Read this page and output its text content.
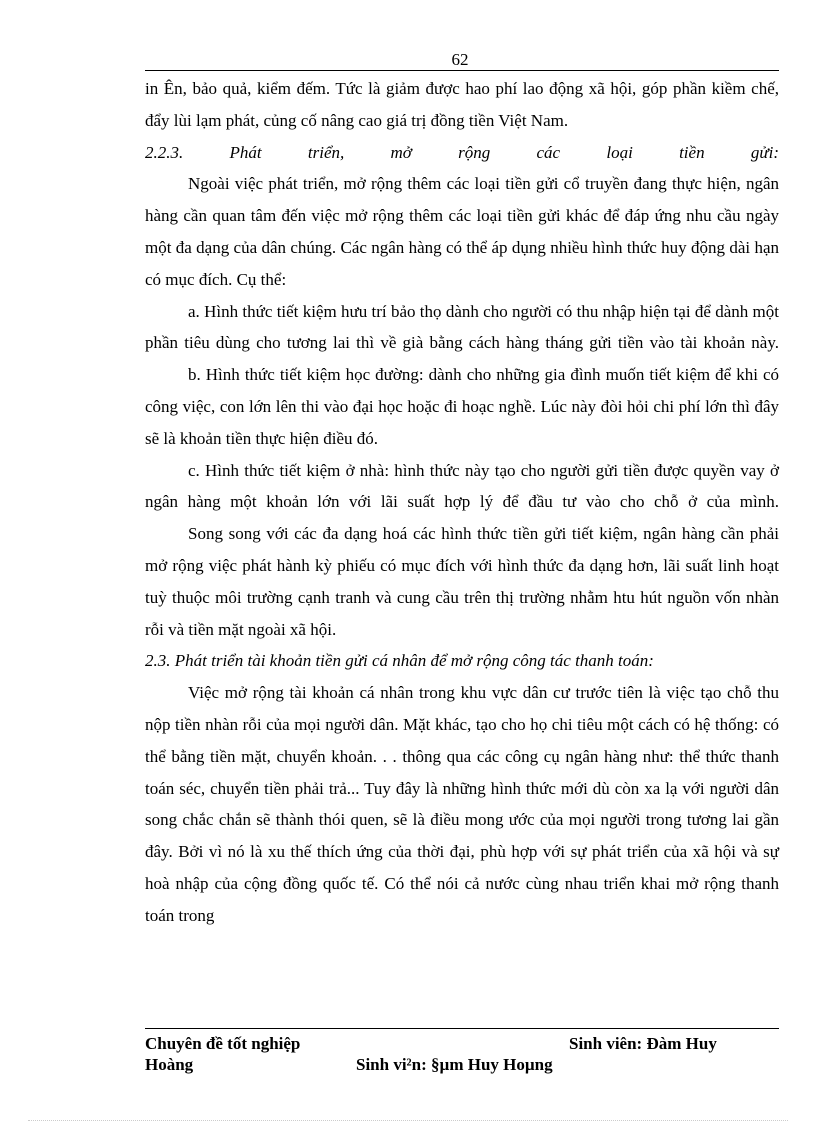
62

in Ên, bảo quả, kiểm đếm. Tức là giảm được hao phí lao động xã hội, góp phần kiềm chế, đẩy lùi lạm phát, củng cố nâng cao giá trị đồng tiền Việt Nam.

2.2.3. Phát triển, mở rộng các loại tiền gửi:

Ngoài việc phát triển, mở rộng thêm các loại tiền gửi cổ truyền đang thực hiện, ngân hàng cần quan tâm đến việc mở rộng thêm các loại tiền gửi khác để đáp ứng nhu cầu ngày một đa dạng của dân chúng. Các ngân hàng có thể áp dụng nhiều hình thức huy động dài hạn có mục đích. Cụ thể:

a. Hình thức tiết kiệm hưu trí bảo thọ dành cho người có thu nhập hiện tại để dành một phần tiêu dùng cho tương lai thì về già bằng cách hàng tháng gửi tiền vào tài khoản này.

b. Hình thức tiết kiệm học đường: dành cho những gia đình muốn tiết kiệm để khi có công việc, con lớn lên thi vào đại học hoặc đi hoạc nghề. Lúc này đòi hỏi chi phí lớn thì đây sẽ là khoản tiền thực hiện điều đó.

c. Hình thức tiết kiệm ở nhà: hình thức này tạo cho người gửi tiền được quyền vay ở ngân hàng một khoản lớn với lãi suất hợp lý để đầu tư vào cho chỗ ở của mình.

Song song với các đa dạng hoá các hình thức tiền gửi tiết kiệm, ngân hàng cần phải mở rộng việc phát hành kỳ phiếu có mục đích với hình thức đa dạng hơn, lãi suất linh hoạt tuỳ thuộc môi trường cạnh tranh và cung cầu trên thị trường nhằm htu hút nguồn vốn nhàn rỗi và tiền mặt ngoài xã hội.

2.3. Phát triển tài khoản tiền gửi cá nhân để mở rộng công tác thanh toán:

Việc mở rộng tài khoản cá nhân trong khu vực dân cư trước tiên là việc tạo chỗ thu nộp tiền nhàn rỗi của mọi người dân. Mặt khác, tạo cho họ chi tiêu một cách có hệ thống: có thể bằng tiền mặt, chuyển khoản. . . thông qua các công cụ ngân hàng như: thể thức thanh toán séc, chuyển tiền phải trả... Tuy đây là những hình thức mới dù còn xa lạ với người dân song chắc chắn sẽ thành thói quen, sẽ là điều mong ước của mọi người trong tương lai gần đây. Bởi vì nó là xu thế thích ứng của thời đại, phù hợp với sự phát triển của xã hội và sự hoà nhập của cộng đồng quốc tế. Có thể nói cả nước cùng nhau triển khai mở rộng thanh toán trong

Chuyên đề tốt nghiệp	Sinh viên: Đàm Huy
Hoàng	Sinh vi²n: §µm Huy Hoµng
